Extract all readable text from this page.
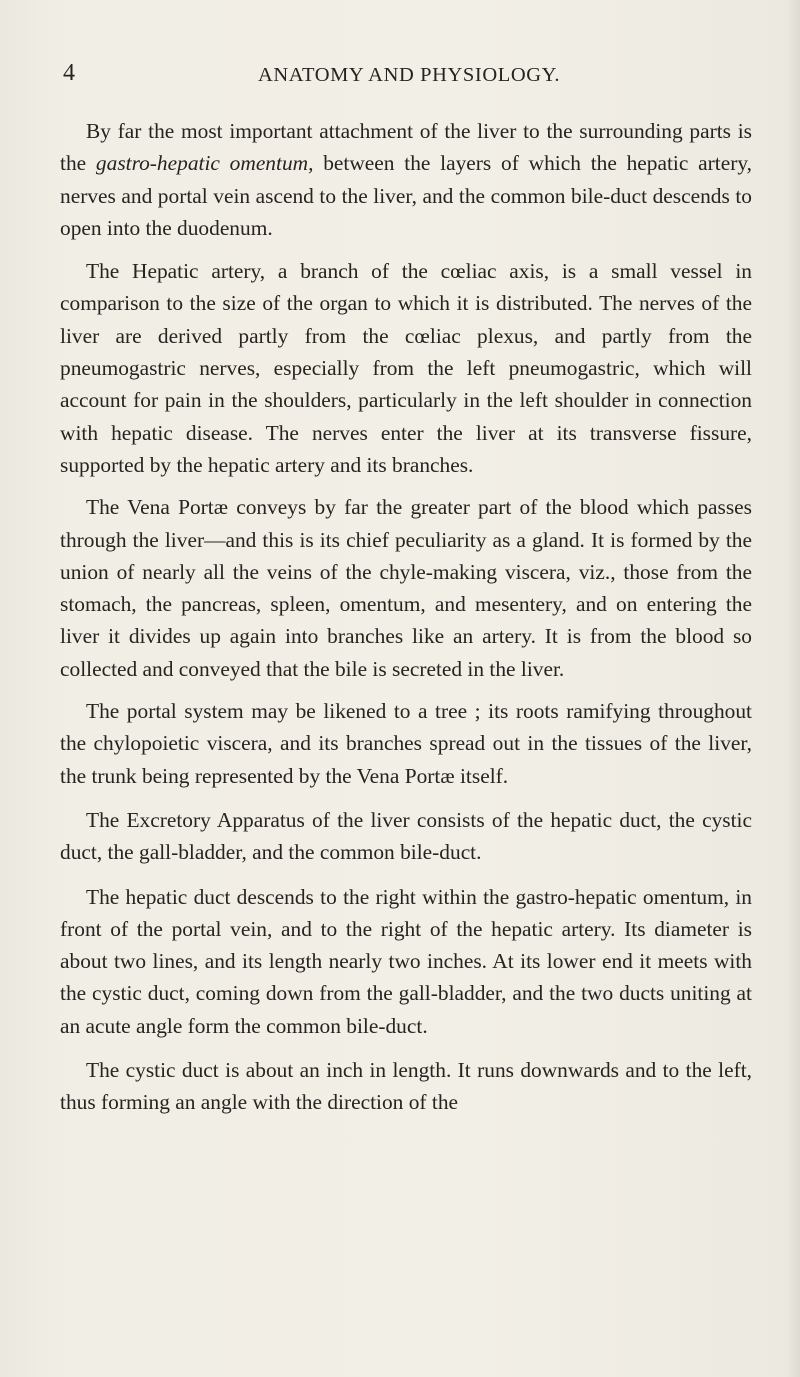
4	ANATOMY AND PHYSIOLOGY.

By far the most important attachment of the liver to the surrounding parts is the gastro-hepatic omentum, between the layers of which the hepatic artery, nerves and portal vein ascend to the liver, and the common bile-duct descends to open into the duodenum.

The Hepatic artery, a branch of the cœliac axis, is a small vessel in comparison to the size of the organ to which it is distributed. The nerves of the liver are derived partly from the cœliac plexus, and partly from the pneumogastric nerves, especially from the left pneumogastric, which will account for pain in the shoulders, particularly in the left shoulder in connection with hepatic disease. The nerves enter the liver at its transverse fissure, supported by the hepatic artery and its branches.

The Vena Portæ conveys by far the greater part of the blood which passes through the liver—and this is its chief peculiarity as a gland. It is formed by the union of nearly all the veins of the chyle-making viscera, viz., those from the stomach, the pancreas, spleen, omentum, and mesentery, and on entering the liver it divides up again into branches like an artery. It is from the blood so collected and conveyed that the bile is secreted in the liver.

The portal system may be likened to a tree ; its roots ramifying throughout the chylopoietic viscera, and its branches spread out in the tissues of the liver, the trunk being represented by the Vena Portæ itself.

The Excretory Apparatus of the liver consists of the hepatic duct, the cystic duct, the gall-bladder, and the common bile-duct.

The hepatic duct descends to the right within the gastro-hepatic omentum, in front of the portal vein, and to the right of the hepatic artery. Its diameter is about two lines, and its length nearly two inches. At its lower end it meets with the cystic duct, coming down from the gall-bladder, and the two ducts uniting at an acute angle form the common bile-duct.

The cystic duct is about an inch in length. It runs downwards and to the left, thus forming an angle with the direction of the
